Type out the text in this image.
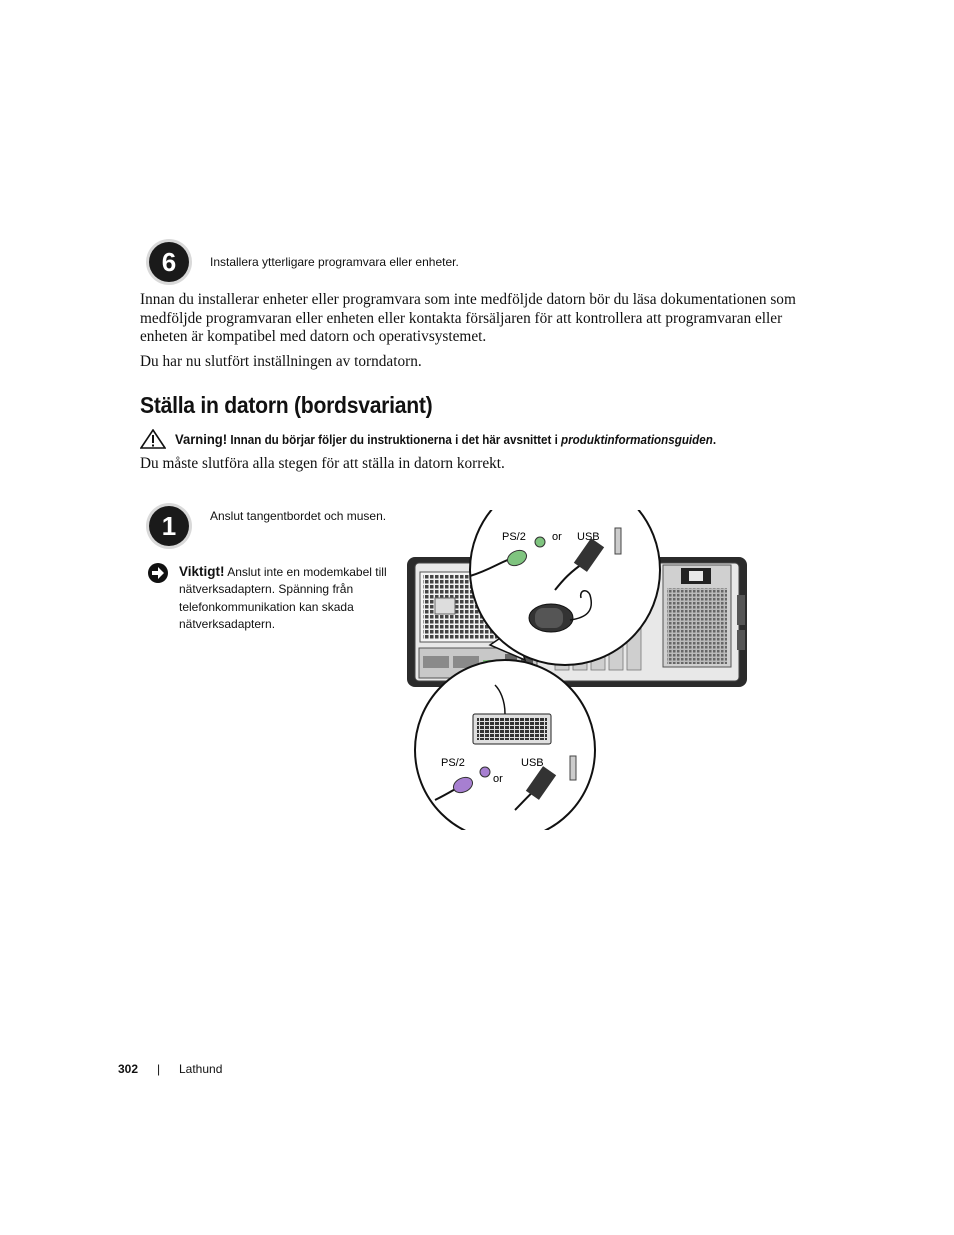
6	Installera ytterligare programvara eller enheter.
Innan du installerar enheter eller programvara som inte medföljde datorn bör du läsa dokumentationen som medföljde programvaran eller enheten eller kontakta försäljaren för att kontrollera att programvaran eller enheten är kompatibel med datorn och operativsystemet.
Du har nu slutfört inställningen av torndatorn.
Ställa in datorn (bordsvariant)
Varning! Innan du börjar följer du instruktionerna i det här avsnittet i produktinformationsguiden.
Du måste slutföra alla stegen för att ställa in datorn korrekt.
1	Anslut tangentbordet och musen.
Viktigt! Anslut inte en modemkabel till nätverksadaptern. Spänning från telefonkommunikation kan skada nätverksadaptern.
PS/2 or USB
PS/2
or
USB
302 | Lathund
